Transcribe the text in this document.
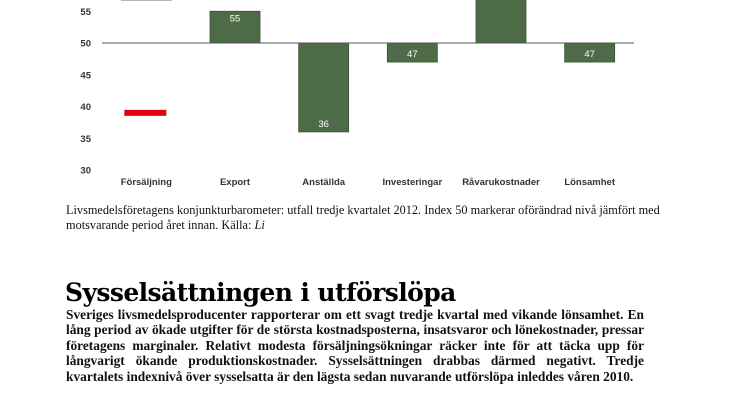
30
35
40
45
50
55	57
55
36
47	47
Försäljning	Export	Anställda	Investeringar Råvarukostnader	Lönsamhet
Livsmedelsföretagens konjunkturbarometer: utfall tredje kvartalet 2012. Index 50 markerar oförändrad nivå jämfört med motsvarande period året innan. Källa: Li
Sysselsättningen i utförslöpa

Sveriges livsmedelsproducenter rapporterar om ett svagt tredje kvartal med vikande lönsamhet. En lång period av ökade utgifter för de största kostnadsposterna, insatsvaror och lönekostnader, pressar företagens marginaler. Relativt modesta försäljningsökningar räcker inte för att täcka upp för långvarigt ökande produktionskostnader. Sysselsättningen drabbas därmed negativt. Tredje kvartalets indexnivå över sysselsatta är den lägsta sedan nuvarande utförslöpa inleddes våren 2010.
